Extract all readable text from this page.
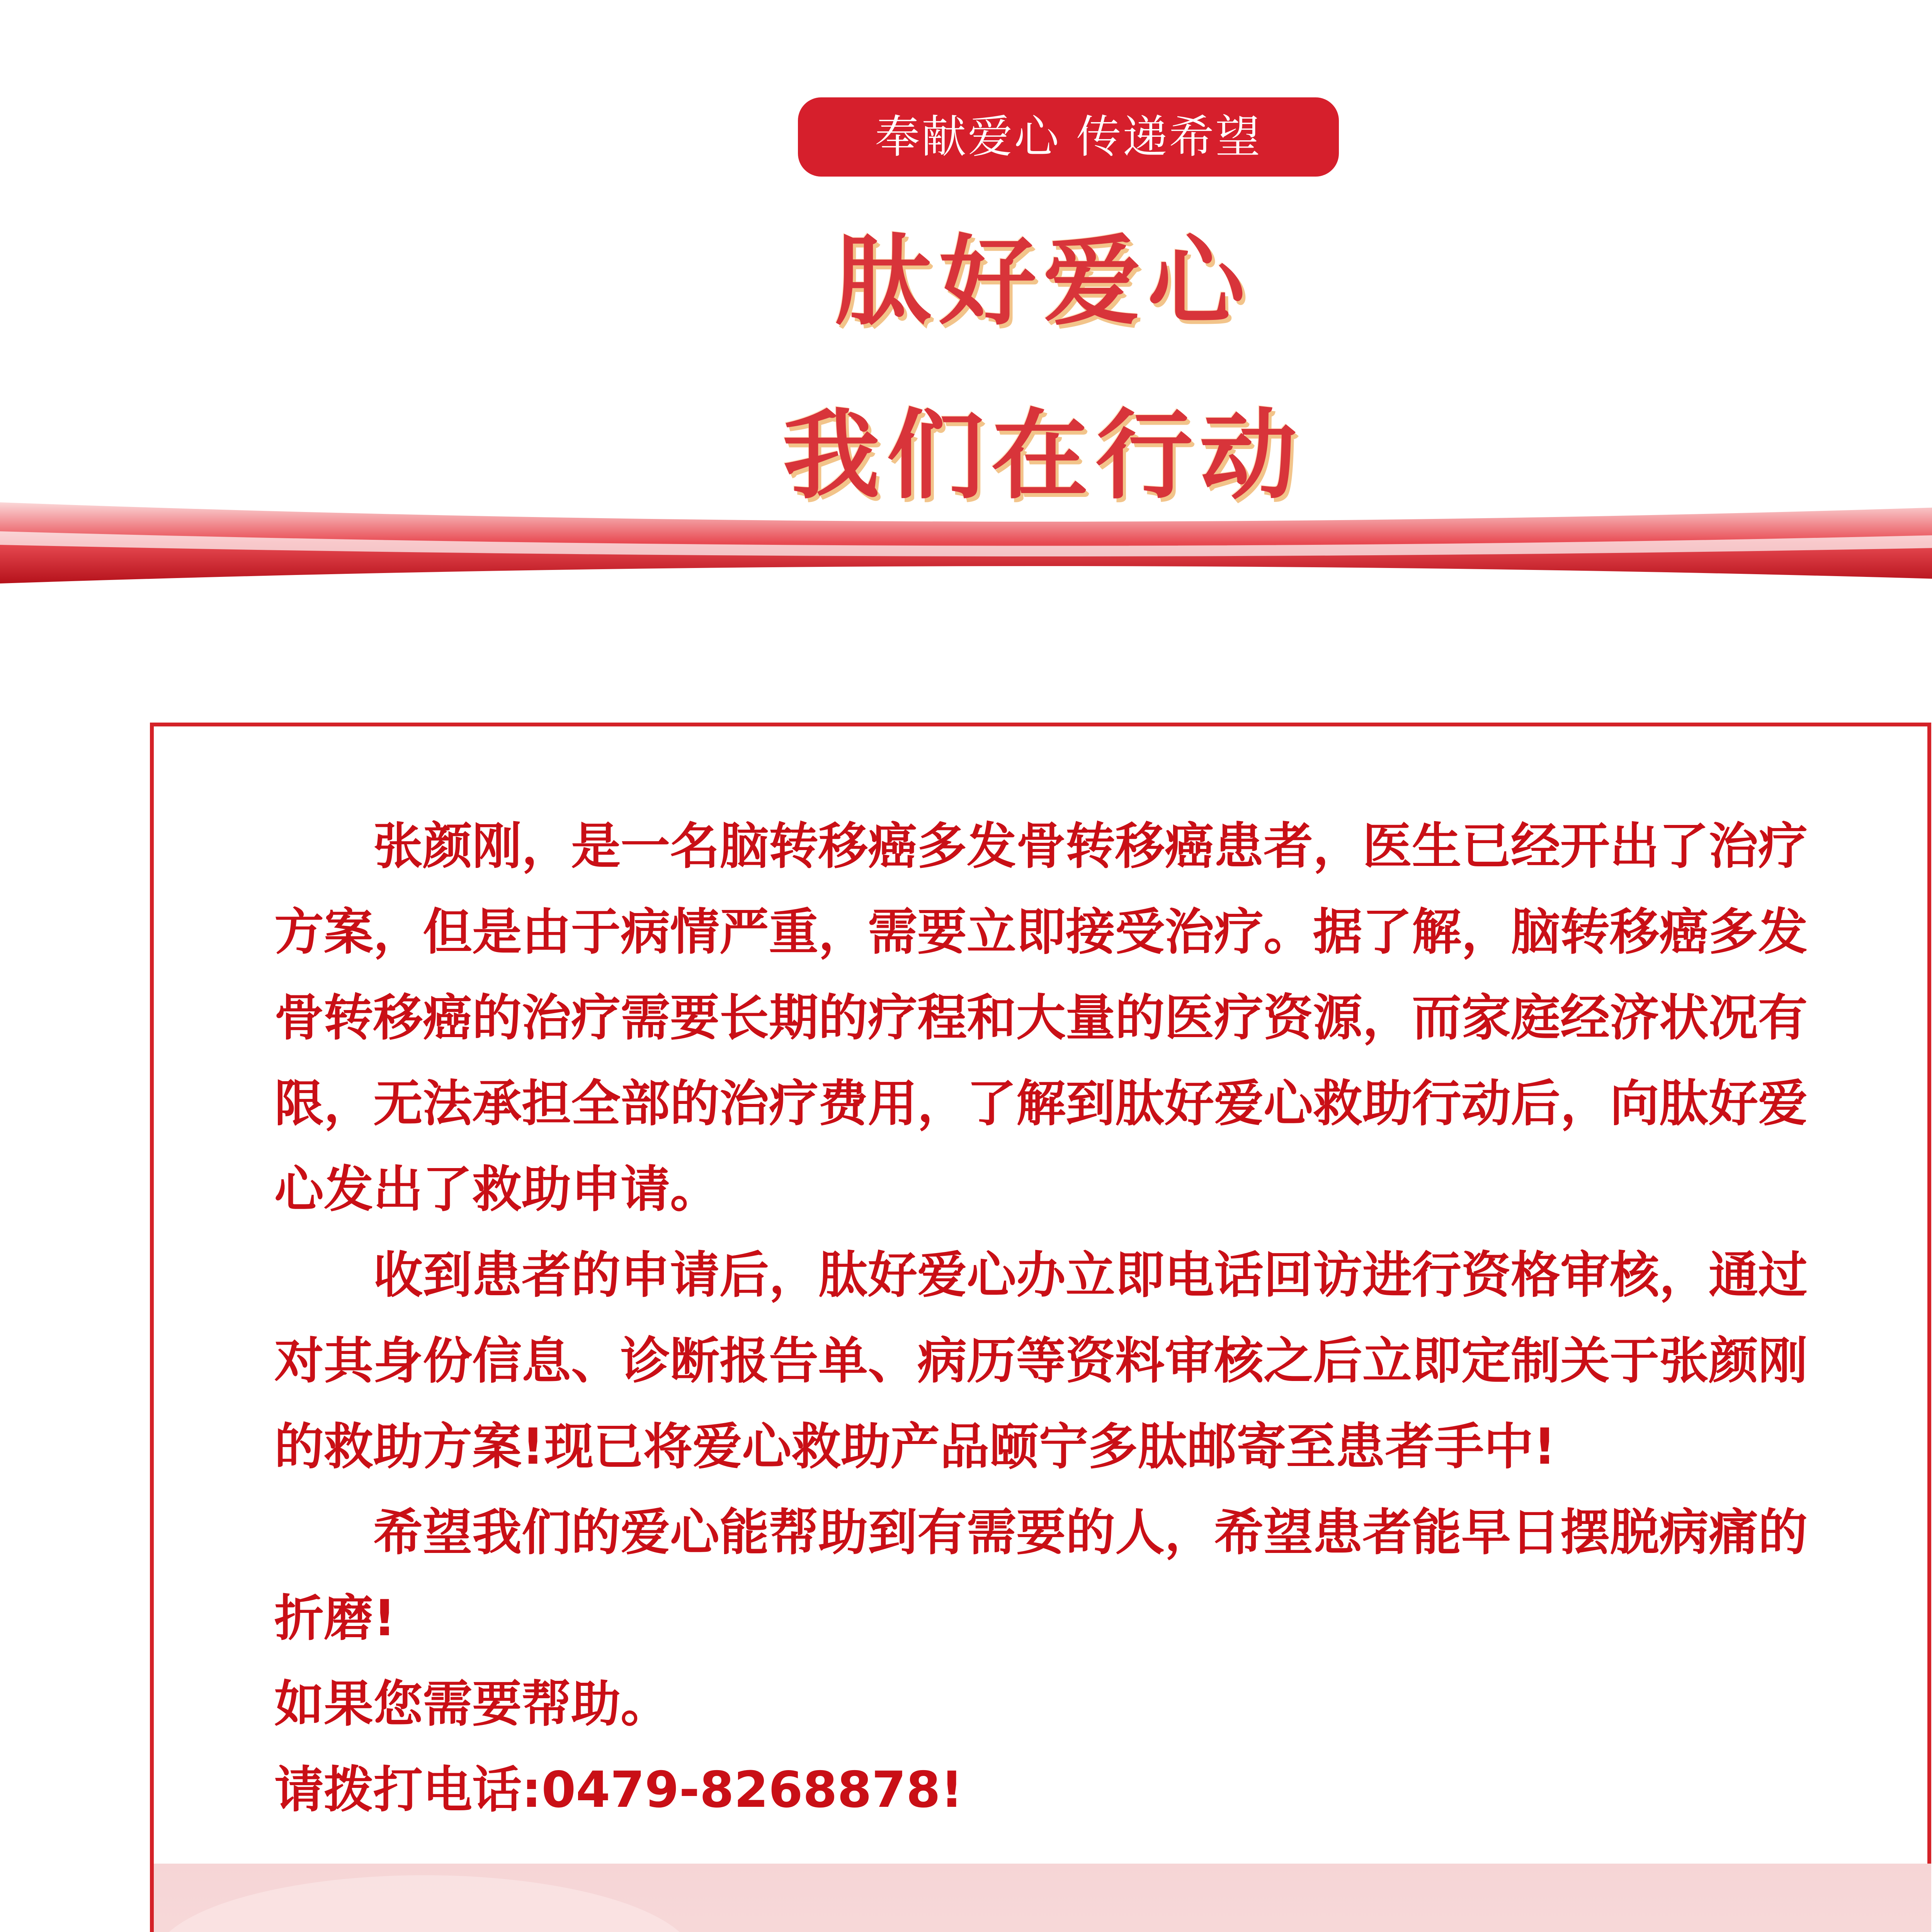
奉献爱心 传递希望
肽好爱心
我们在行动

张颜刚，是一名脑转移癌多发骨转移癌患者，医生已经开出了治疗方案，但是由于病情严重，需要立即接受治疗。据了解，脑转移癌多发骨转移癌的治疗需要长期的疗程和大量的医疗资源，而家庭经济状况有限，无法承担全部的治疗费用，了解到肽好爱心救助行动后，向肽好爱心发出了救助申请。

收到患者的申请后，肽好爱心办立即电话回访进行资格审核，通过对其身份信息、诊断报告单、病历等资料审核之后立即定制关于张颜刚的救助方案!现已将爱心救助产品颐宁多肽邮寄至患者手中!

希望我们的爱心能帮助到有需要的人，希望患者能早日摆脱病痛的折磨!

如果您需要帮助。

请拨打电话:0479-8268878!
